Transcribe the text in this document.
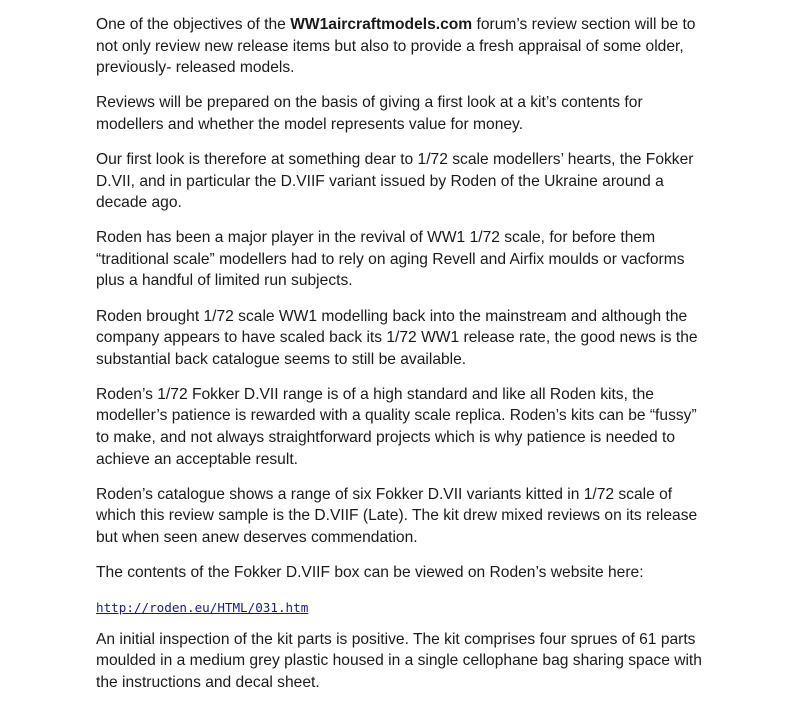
One of the objectives of the WW1aircraftmodels.com forum’s review section will be to not only review new release items but also to provide a fresh appraisal of some older, previously- released models.

Reviews will be prepared on the basis of giving a first look at a kit’s contents for modellers and whether the model represents value for money.

Our first look is therefore at something dear to 1/72 scale modellers’ hearts, the Fokker D.VII, and in particular the D.VIIF variant issued by Roden of the Ukraine around a decade ago.

Roden has been a major player in the revival of WW1 1/72 scale, for before them “traditional scale” modellers had to rely on aging Revell and Airfix moulds or vacforms plus a handful of limited run subjects.

Roden brought 1/72 scale WW1 modelling back into the mainstream and although the company appears to have scaled back its 1/72 WW1 release rate, the good news is the substantial back catalogue seems to still be available.

Roden’s 1/72 Fokker D.VII range is of a high standard and like all Roden kits, the modeller’s patience is rewarded with a quality scale replica. Roden’s kits can be “fussy” to make, and not always straightforward projects which is why patience is needed to achieve an acceptable result.

Roden’s catalogue shows a range of six Fokker D.VII variants kitted in 1/72 scale of which this review sample is the D.VIIF (Late). The kit drew mixed reviews on its release but when seen anew deserves commendation.

The contents of the Fokker D.VIIF box can be viewed on Roden’s website here:

http://roden.eu/HTML/031.htm

An initial inspection of the kit parts is positive. The kit comprises four sprues of 61 parts moulded in a medium grey plastic housed in a single cellophane bag sharing space with the instructions and decal sheet.
